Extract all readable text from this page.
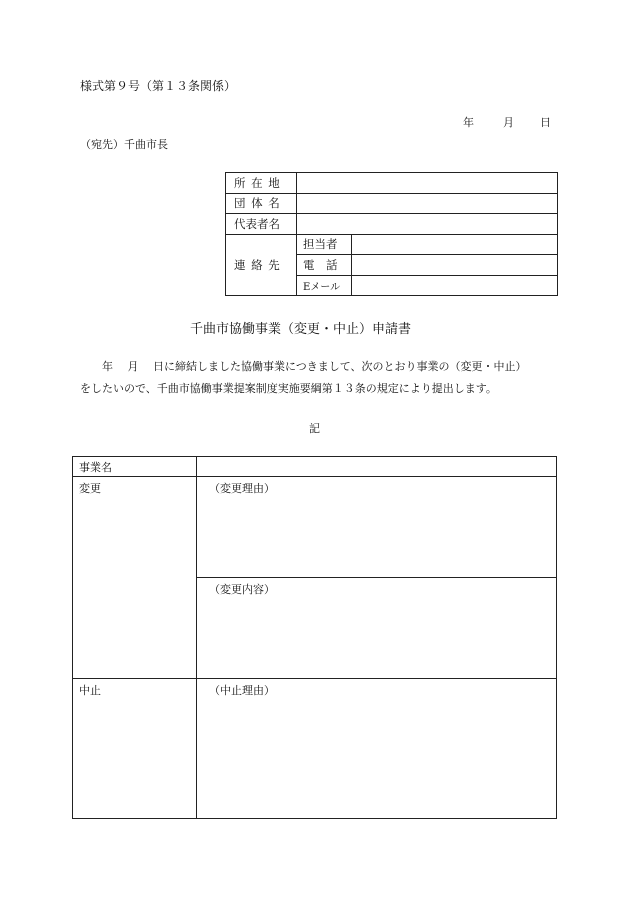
様式第９号（第１３条関係）
年	月 日
（宛先）千曲市長
所 在 地		
団 体 名		
代表者名		
連 絡 先	担当者	
	電　話	
	Eメール	
千曲市協働事業（変更・中止）申請書
年　 月　 日に締結しました協働事業につきまして、次のとおり事業の（変更・中止）
をしたいので、千曲市協働事業提案制度実施要綱第１３条の規定により提出します。
記
事業名	
変更	（変更理由）
	（変更内容）
中止	（中止理由）
